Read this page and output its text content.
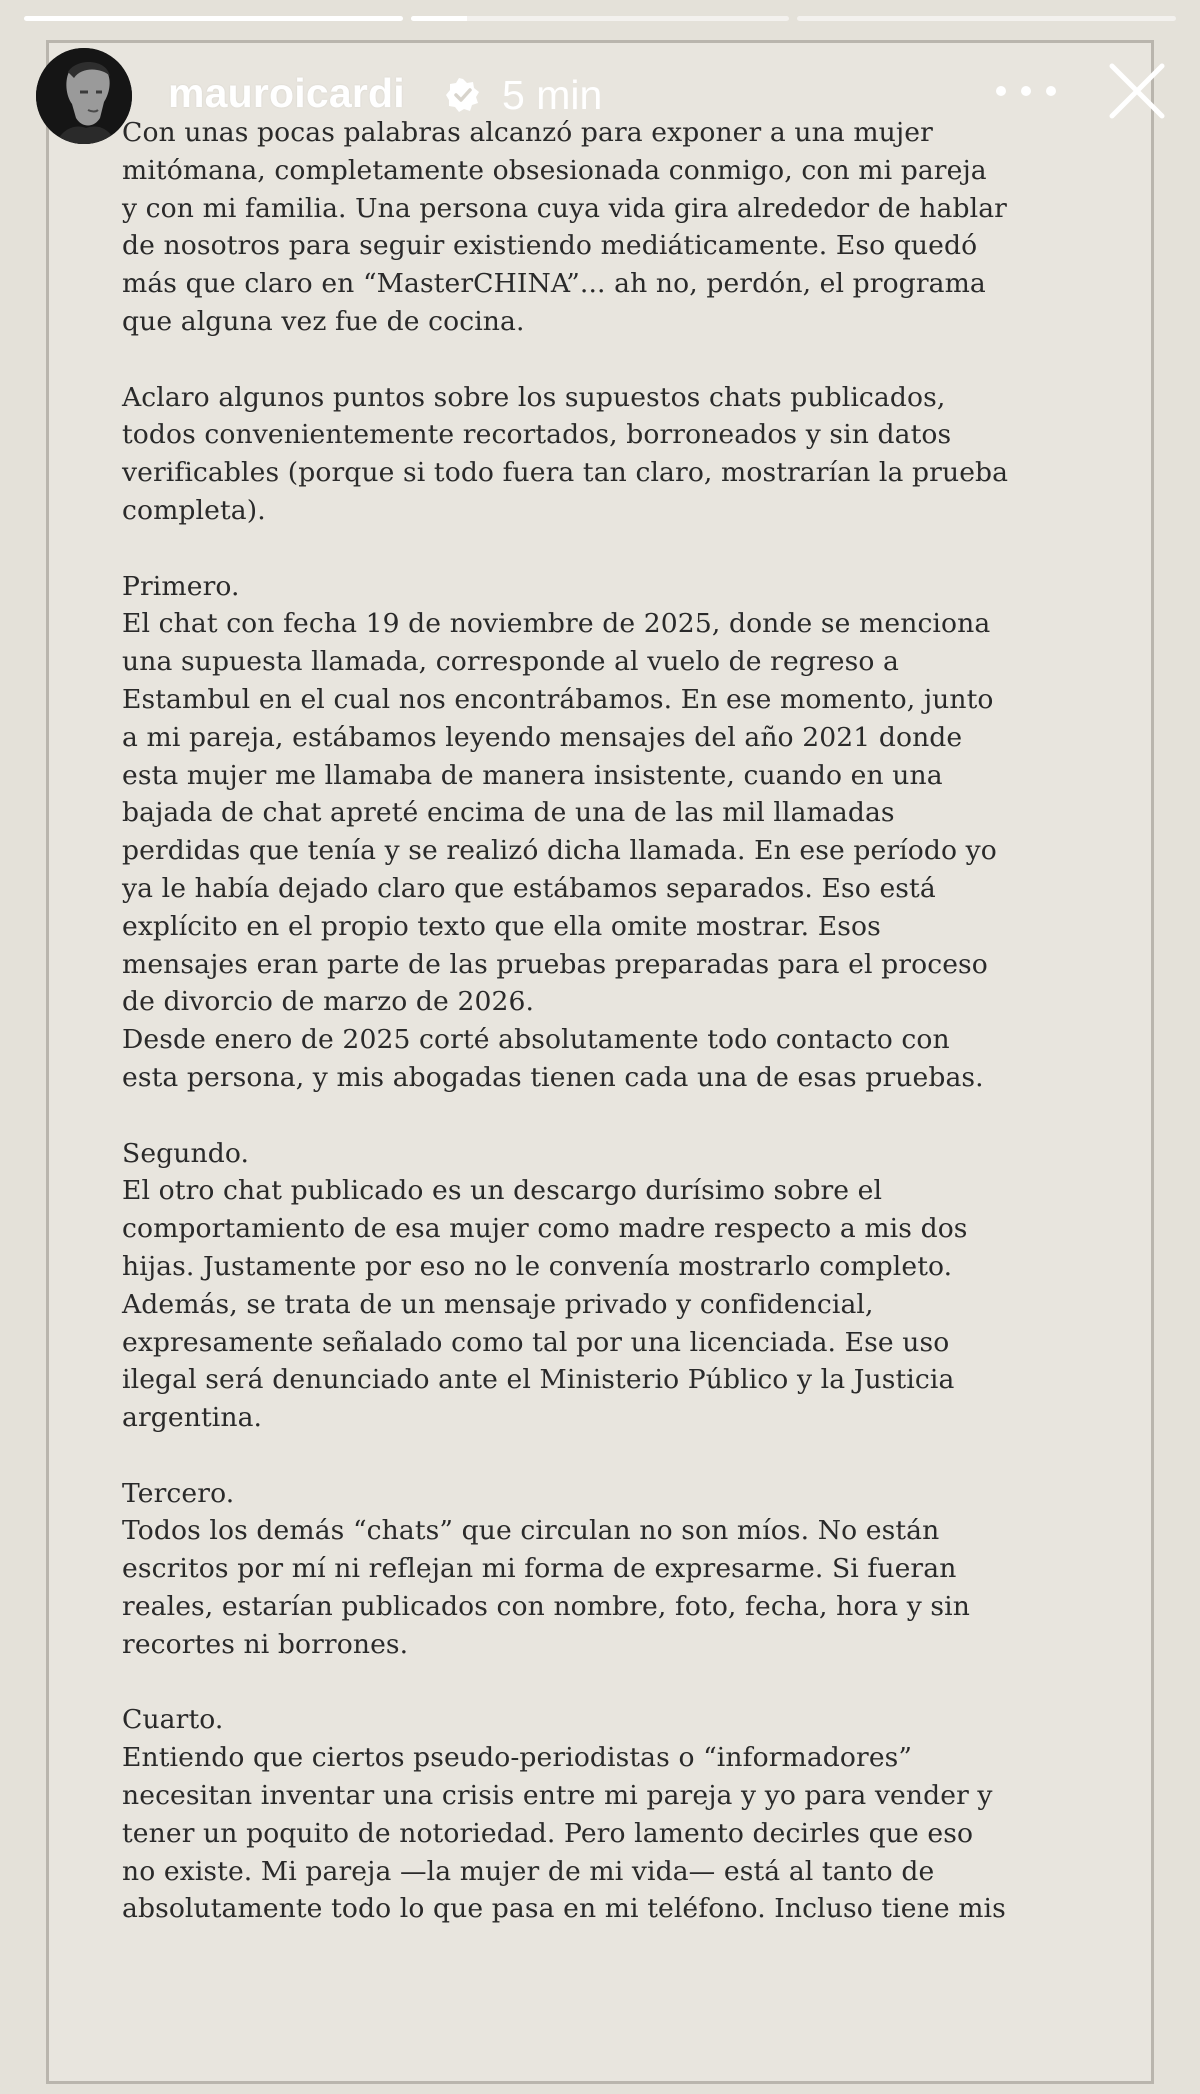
Con unas pocas palabras alcanzó para exponer a una mujer
mitómana, completamente obsesionada conmigo, con mi pareja
y con mi familia. Una persona cuya vida gira alrededor de hablar
de nosotros para seguir existiendo mediáticamente. Eso quedó
más que claro en “MasterCHINA”... ah no, perdón, el programa
que alguna vez fue de cocina.

Aclaro algunos puntos sobre los supuestos chats publicados,
todos convenientemente recortados, borroneados y sin datos
verificables (porque si todo fuera tan claro, mostrarían la prueba
completa).

Primero.
El chat con fecha 19 de noviembre de 2025, donde se menciona
una supuesta llamada, corresponde al vuelo de regreso a
Estambul en el cual nos encontrábamos. En ese momento, junto
a mi pareja, estábamos leyendo mensajes del año 2021 donde
esta mujer me llamaba de manera insistente, cuando en una
bajada de chat apreté encima de una de las mil llamadas
perdidas que tenía y se realizó dicha llamada. En ese período yo
ya le había dejado claro que estábamos separados. Eso está
explícito en el propio texto que ella omite mostrar. Esos
mensajes eran parte de las pruebas preparadas para el proceso
de divorcio de marzo de 2026.
Desde enero de 2025 corté absolutamente todo contacto con
esta persona, y mis abogadas tienen cada una de esas pruebas.

Segundo.
El otro chat publicado es un descargo durísimo sobre el
comportamiento de esa mujer como madre respecto a mis dos
hijas. Justamente por eso no le convenía mostrarlo completo.
Además, se trata de un mensaje privado y confidencial,
expresamente señalado como tal por una licenciada. Ese uso
ilegal será denunciado ante el Ministerio Público y la Justicia
argentina.

Tercero.
Todos los demás “chats” que circulan no son míos. No están
escritos por mí ni reflejan mi forma de expresarme. Si fueran
reales, estarían publicados con nombre, foto, fecha, hora y sin
recortes ni borrones.

Cuarto.
Entiendo que ciertos pseudo-periodistas o “informadores”
necesitan inventar una crisis entre mi pareja y yo para vender y
tener un poquito de notoriedad. Pero lamento decirles que eso
no existe. Mi pareja —la mujer de mi vida— está al tanto de
absolutamente todo lo que pasa en mi teléfono. Incluso tiene mis

mauroicardi 5 min
